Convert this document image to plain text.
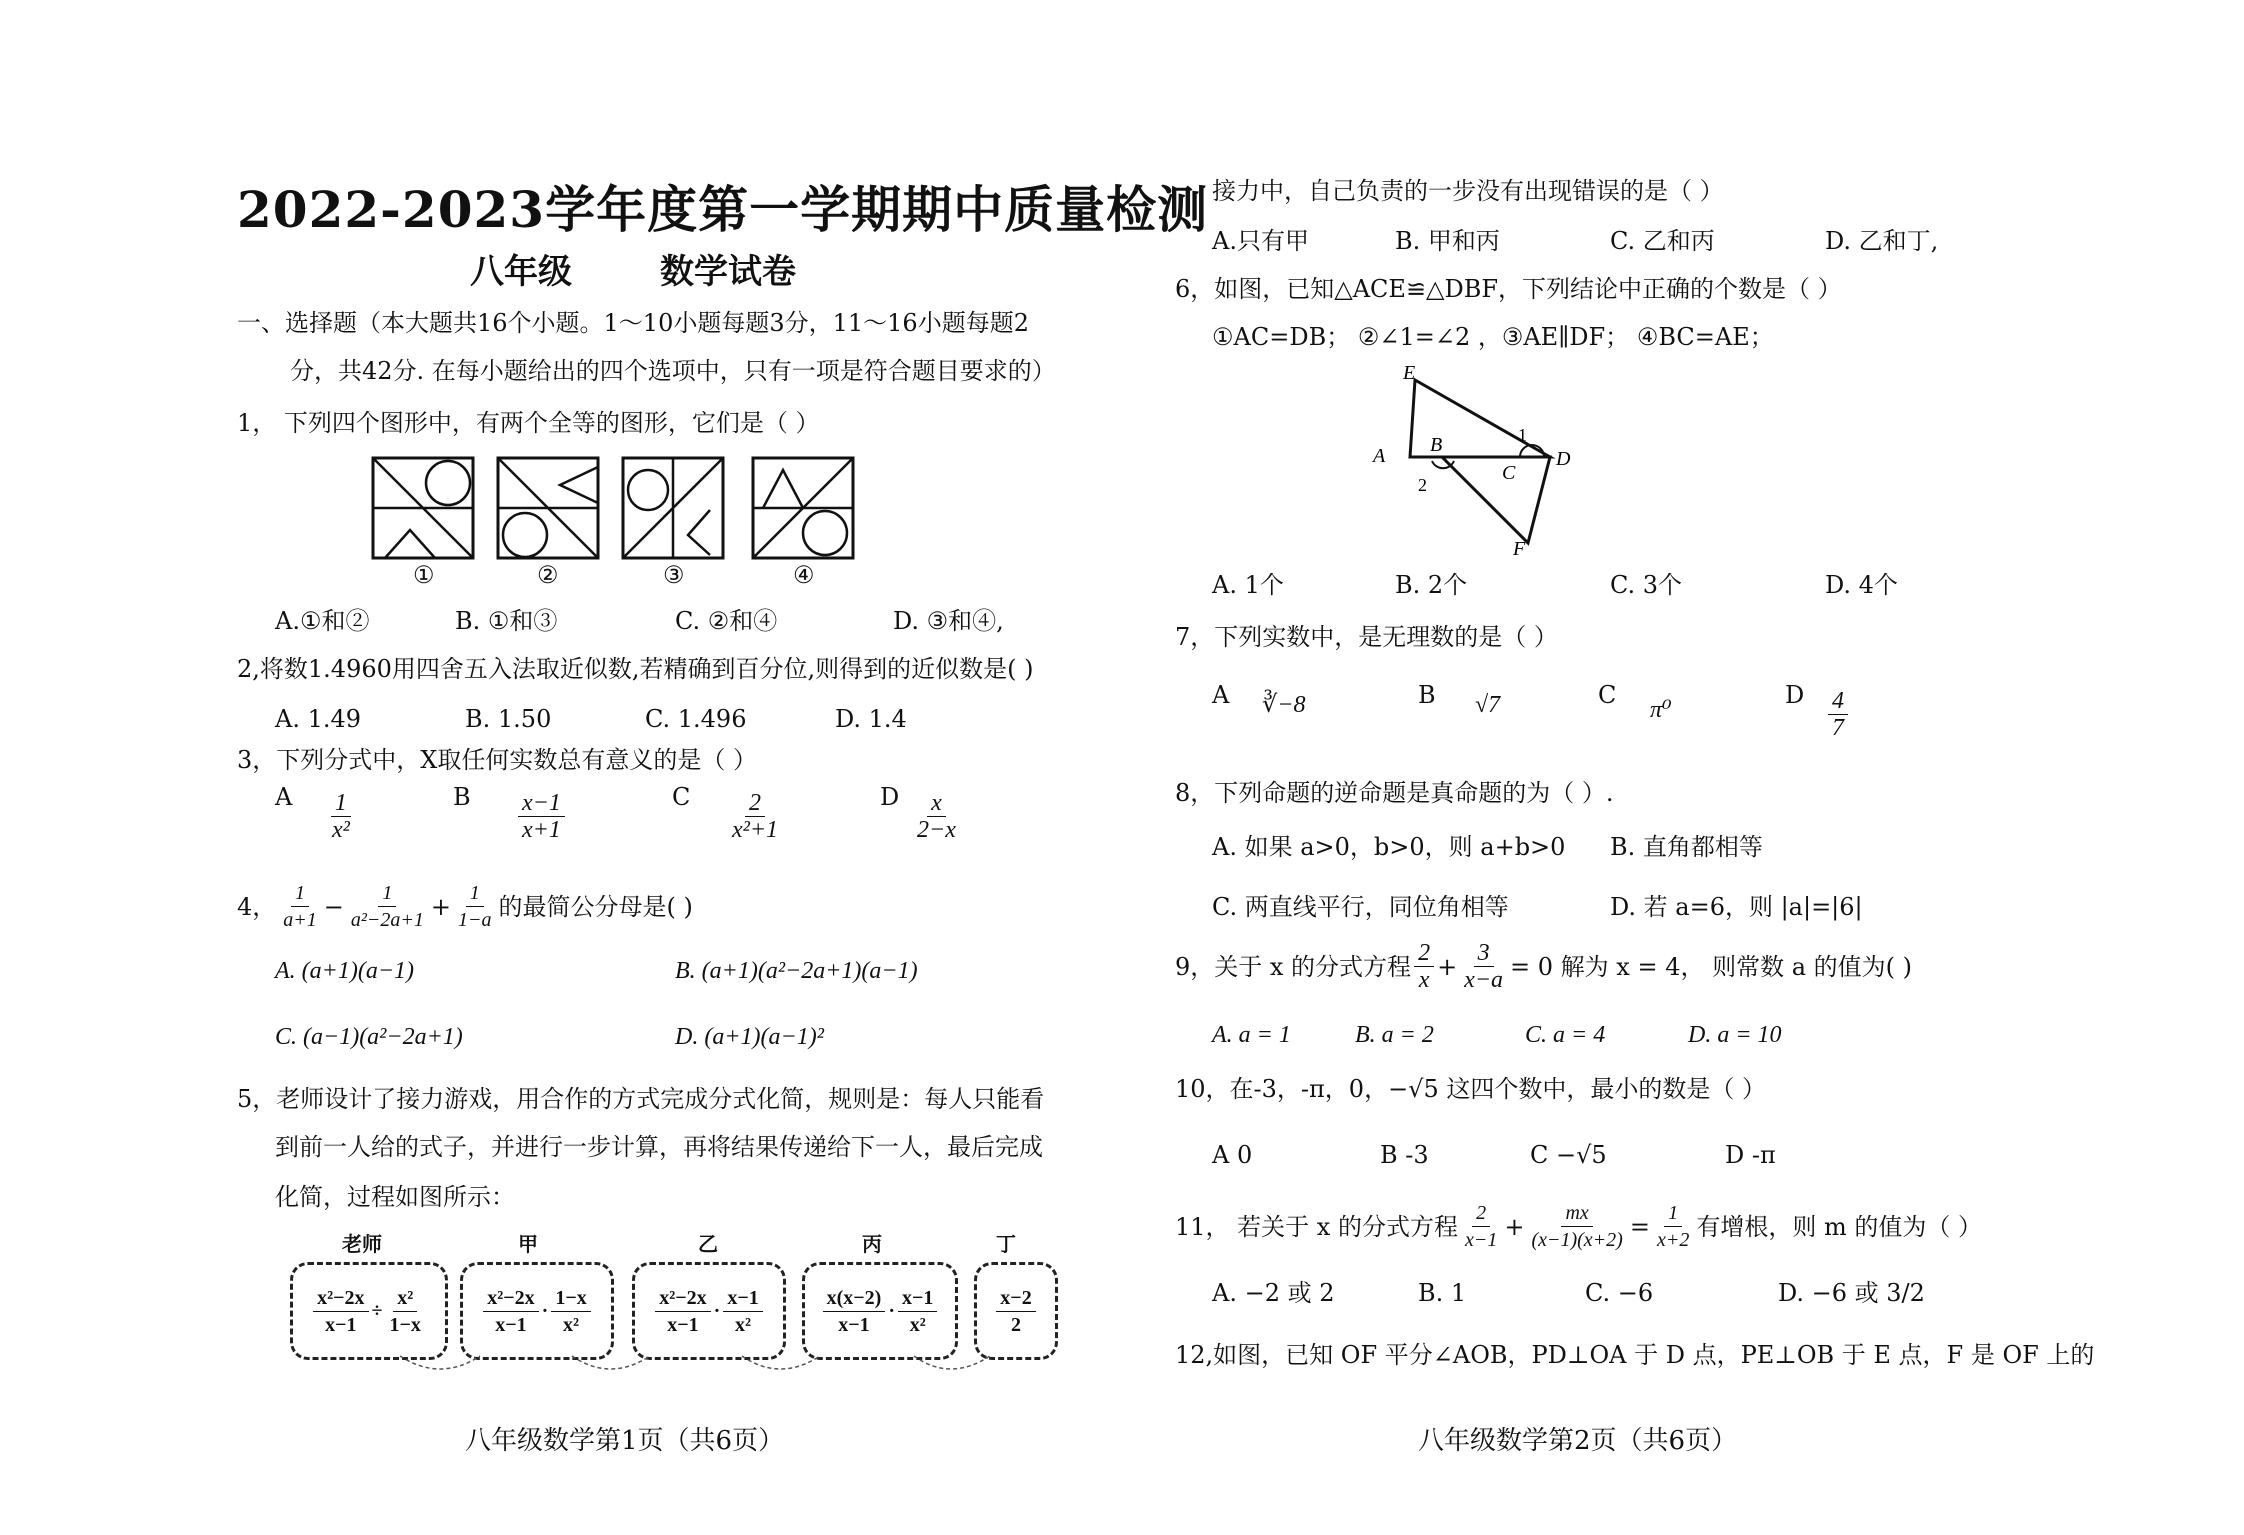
2022-2023学年度第一学期期中质量检测
八年级	数学试卷
一、选择题（本大题共16个小题。1～10小题每题3分，11～16小题每题2
分，共42分. 在每小题给出的四个选项中，只有一项是符合题目要求的）
1， 下列四个图形中，有两个全等的图形，它们是（ ）
①	②	③	④
A.①和②	B. ①和③	C. ②和④	D. ③和④,
2,将数1.4960用四舍五入法取近似数,若精确到百分位,则得到的近似数是( )
A. 1.49	B. 1.50	C. 1.496	D. 1.4
3，下列分式中，X取任何实数总有意义的是（ ）
A $\frac{1}{\text{x²}}$	B $\frac{x-1}{x+1}$	C $\frac{2}{\text{x²+1}}$	D $\frac{x}{2-x}$
4， $\frac{1}{a+1} - \frac{1}{\text{a²−2a+1}} + \frac{1}{1-a}$ 的最简公分母是( )
A. (a+1)(a−1)	B. (a+1)(a²−2a+1)(a−1)
C. (a−1)(a²−2a+1)	D. (a+1)(a−1)²
5，老师设计了接力游戏，用合作的方式完成分式化简，规则是：每人只能看
到前一人给的式子，并进行一步计算，再将结果传递给下一人，最后完成
化简，过程如图所示：
老师	甲	乙	丙	丁
$\frac{\text{x²−2x}}{x-1} \div \frac{\text{x²}}{1-x}$	$\frac{\text{x²−2x}}{x-1} \cdot \frac{1-x}{\text{x²}}$	$\frac{\text{x²−2x}}{x-1} \cdot \frac{x-1}{\text{x²}}$	$\frac{x(x-2)}{x-1} \cdot \frac{x-1}{\text{x²}}$	$\frac{x-2}{2}$
八年级数学第1页（共6页）
接力中，自己负责的一步没有出现错误的是（ ）
A.只有甲	B. 甲和丙	C. 乙和丙	D. 乙和丁,
6，如图，已知△ACE≌△DBF，下列结论中正确的个数是（ ）
①AC=DB； ②∠1=∠2 ，③AE∥DF； ④BC=AE；
E
A B	1
C
D
2
F
A. 1个	B. 2个	C. 3个	D. 4个
7，下列实数中，是无理数的是（ ）
A ∛−8	B √7	C
π⁰
D $\frac{4}{7}$
8，下列命题的逆命题是真命题的为（ ）.
A. 如果 a>0，b>0，则 a+b>0 B. 直角都相等
C. 两直线平行，同位角相等	D. 若 a=6，则 |a|=|6|
9，关于 x 的分式方程 $\frac{2}{x} + \frac{3}{x-a} = 0$ 解为 x = 4， 则常数 a 的值为( )
A. a = 1	B. a = 2	C. a = 4	D. a = 10
10，在-3，-π，0，−√5 这四个数中，最小的数是（ ）
A 0	B -3	C −√5	D -π
11， 若关于 x 的分式方程 $\frac{2}{x-1} + \frac{mx}{(x-1)(x+2)} = \frac{1}{x+2}$ 有增根，则 m 的值为（ ）
A. −2 或 2	B. 1	C. −6	D. −6 或 3/2
12,如图，已知 OF 平分∠AOB，PD⊥OA 于 D 点，PE⊥OB 于 E 点，F 是 OF 上的
八年级数学第2页（共6页）
